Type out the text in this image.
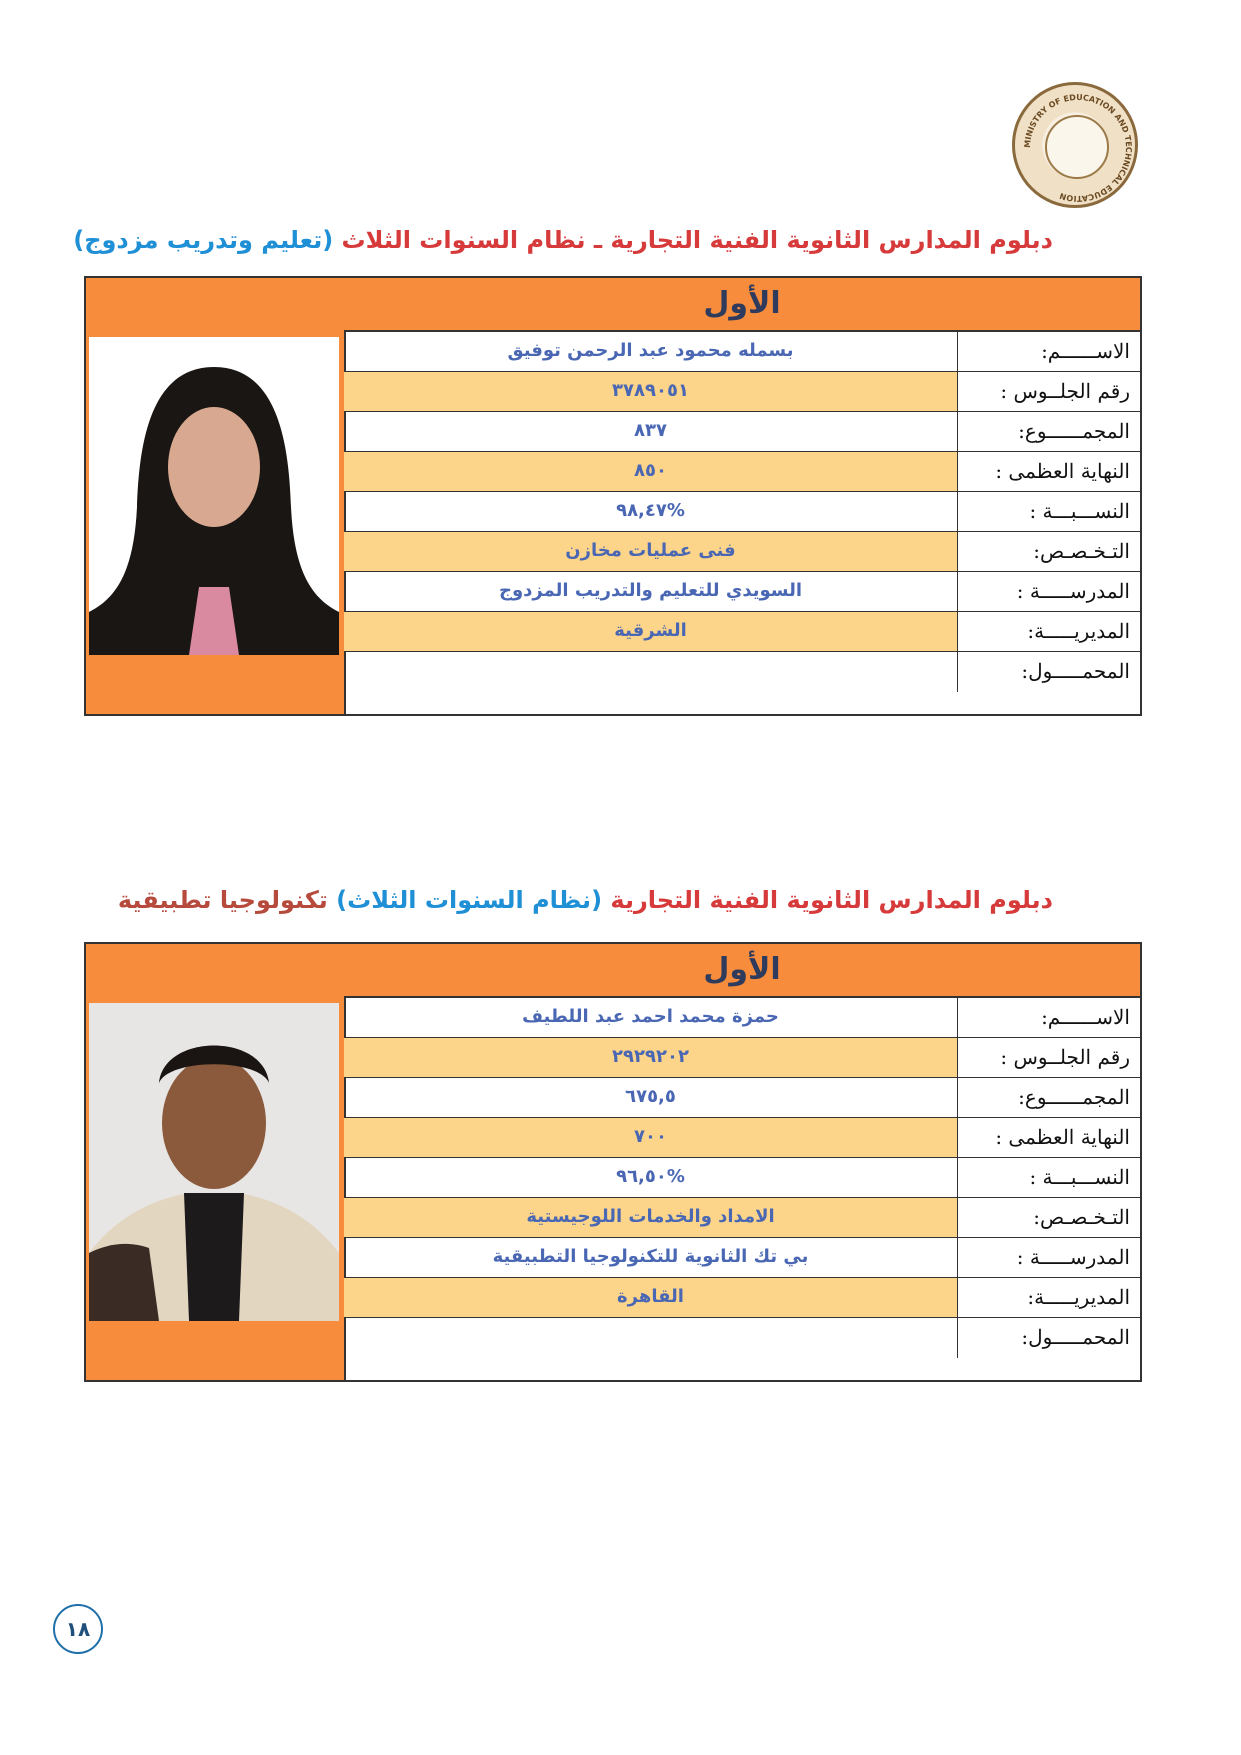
MINISTRY OF EDUCATION AND TECHNICAL EDUCATION
دبلوم المدارس الثانوية الفنية التجارية ـ نظام السنوات الثلاث (تعليم وتدريب مزدوج)
الأول
بسمله محمود عبد الرحمن توفيق	الاســــــم:
٣٧٨٩٠٥١	رقم الجلــوس :
٨٣٧	المجمــــــوع:
٨٥٠	النهاية العظمى :
%٩٨,٤٧	النســـبـــة :
فنى عمليات مخازن	التـخـصـص:
السويدي للتعليم والتدريب المزدوج	المدرســـــة :
الشرقية	المديريـــــة:
المحمـــــول:
دبلوم المدارس الثانوية الفنية التجارية (نظام السنوات الثلاث) تكنولوجيا تطبيقية
الأول
حمزة محمد احمد عبد اللطيف	الاســــــم:
٢٩٢٩٢٠٢	رقم الجلــوس :
٦٧٥,٥	المجمــــــوع:
٧٠٠	النهاية العظمى :
%٩٦,٥٠	النســـبـــة :
الامداد والخدمات اللوجيستية	التـخـصـص:
بي تك الثانوية للتكنولوجيا التطبيقية	المدرســـــة :
القاهرة	المديريـــــة:
المحمـــــول:
١٨
